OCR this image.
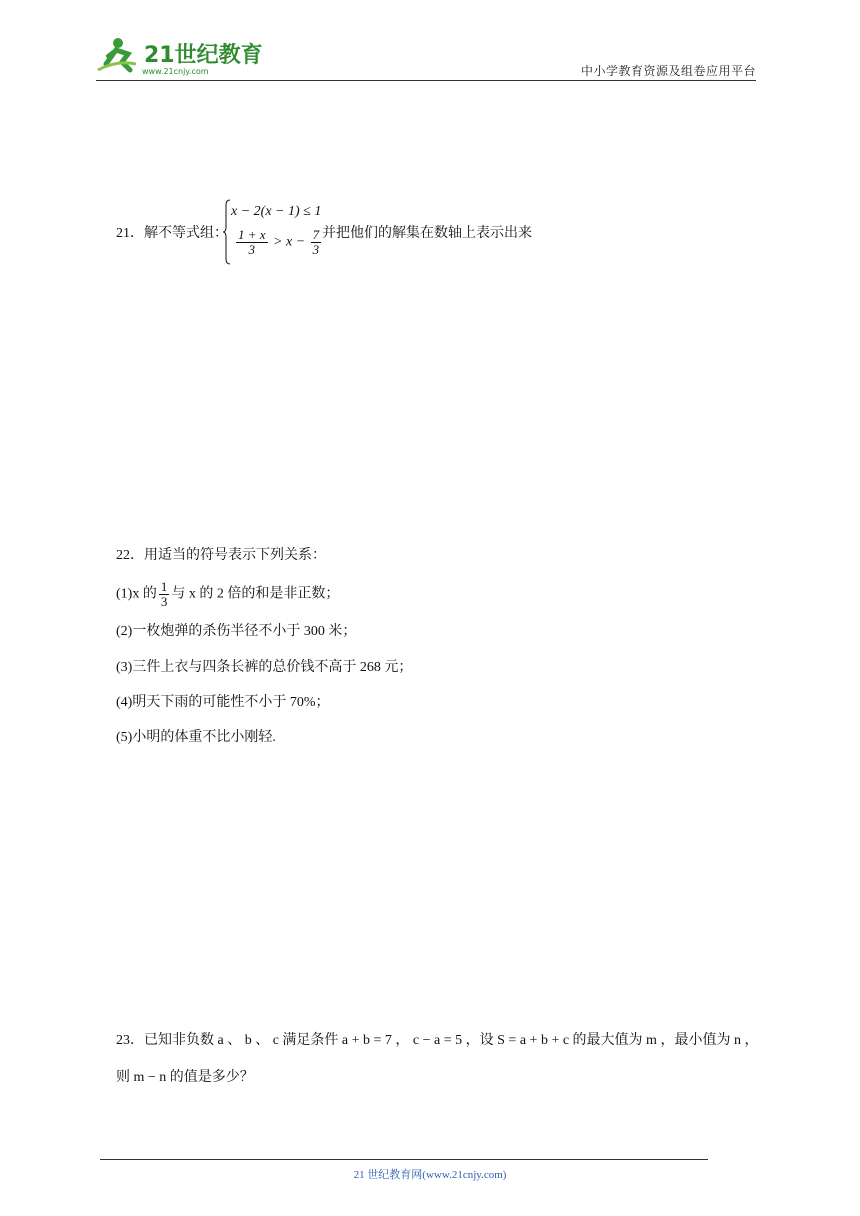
21世纪教育
www.21cnjy.com	中小学教育资源及组卷应用平台
21．解不等式组：
x − 2(x − 1) ≤ 1
$\frac{1 + x}{3} > x - \frac{7}{3}$ 并把他们的解集在数轴上表示出来
22．用适当的符号表示下列关系：
(1)x 的 $\frac{1}{3}$ 与 x 的 2 倍的和是非正数；
(2)一枚炮弹的杀伤半径不小于 300 米；
(3)三件上衣与四条长裤的总价钱不高于 268 元；
(4)明天下雨的可能性不小于 70%；
(5)小明的体重不比小刚轻.
23．已知非负数 a 、 b 、 c 满足条件 a + b = 7 ， c − a = 5 ，设 S = a + b + c 的最大值为 m ，最小值为 n ，
则 m − n 的值是多少？
21 世纪教育网(www.21cnjy.com)
